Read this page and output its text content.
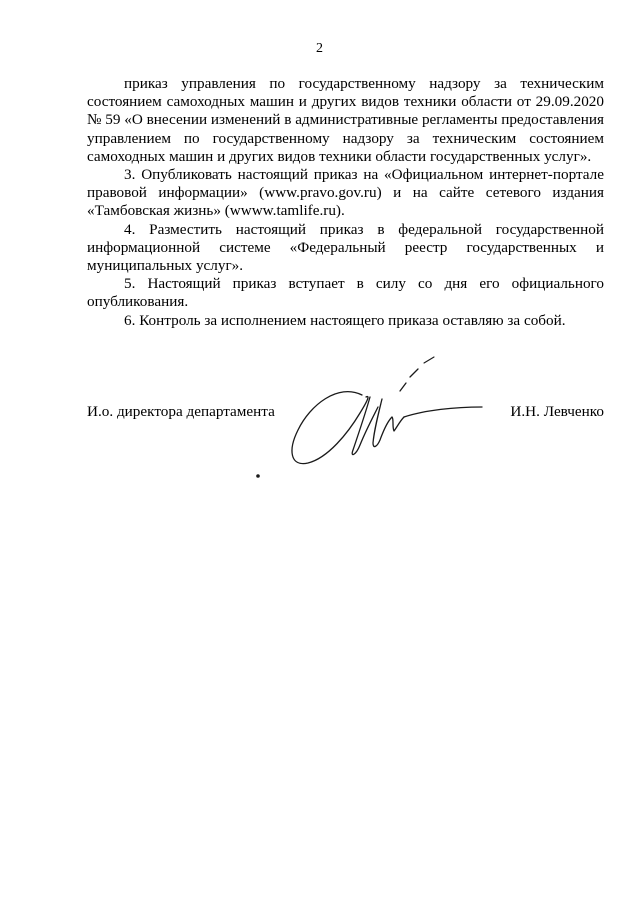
2

приказ управления по государственному надзору за техническим состоянием самоходных машин и других видов техники области от 29.09.2020 № 59 «О внесении изменений в административные регламенты предоставления управлением по государственному надзору за техническим состоянием самоходных машин и других видов техники области государственных услуг».

3. Опубликовать настоящий приказ на «Официальном интернет-портале правовой информации» (www.pravo.gov.ru) и на сайте сетевого издания «Тамбовская жизнь» (wwww.tamlife.ru).

4. Разместить настоящий приказ в федеральной государственной информационной системе «Федеральный реестр государственных и муниципальных услуг».

5. Настоящий приказ вступает в силу со дня его официального опубликования.

6. Контроль за исполнением настоящего приказа оставляю за собой.

И.о. директора департамента	И.Н. Левченко
